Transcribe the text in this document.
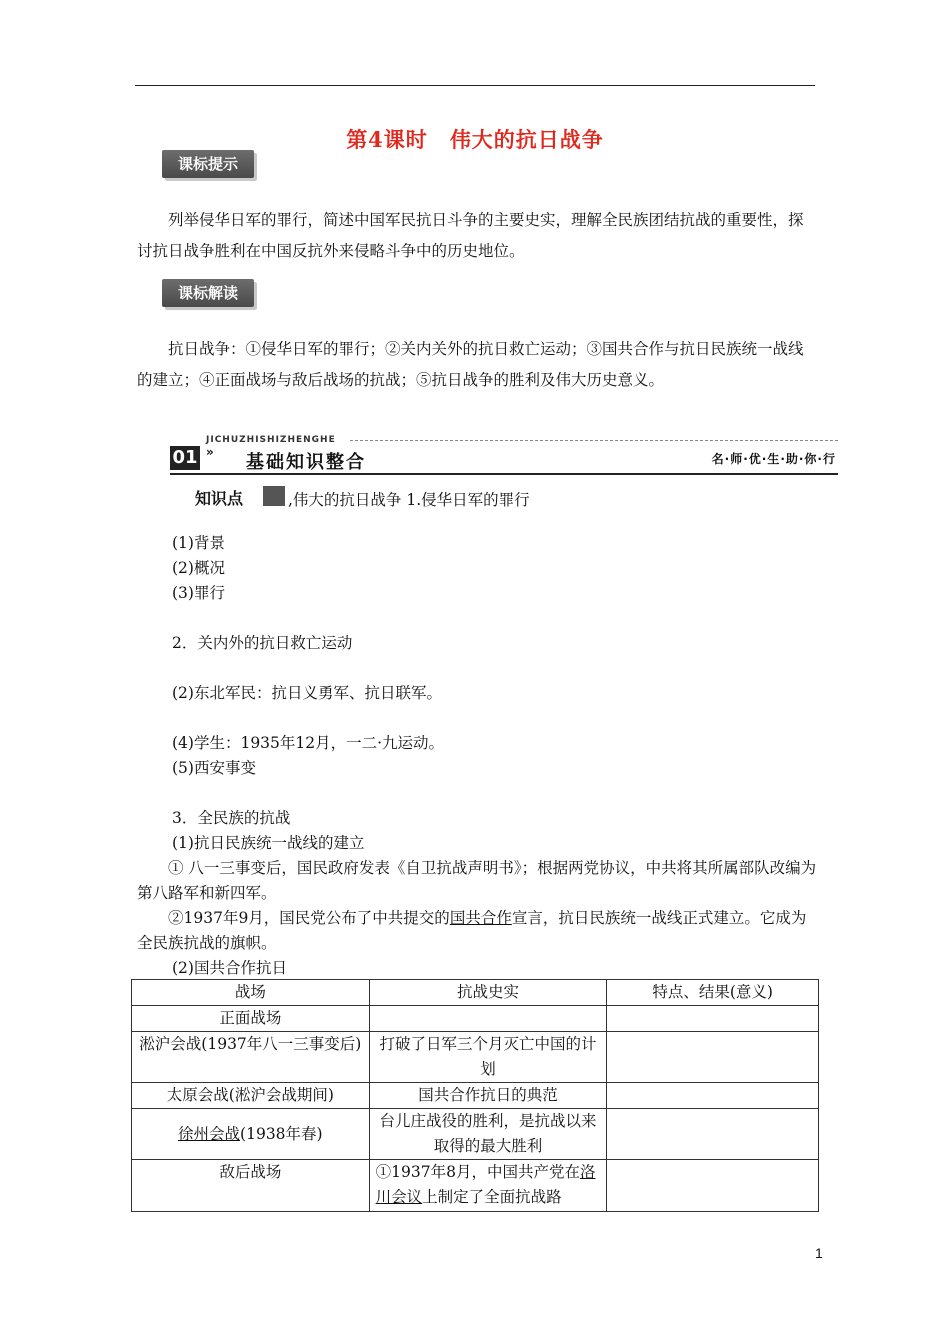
第4课时 伟大的抗日战争
课标提示
列举侵华日军的罪行，简述中国军民抗日斗争的主要史实，理解全民族团结抗战的重要性，探讨抗日战争胜利在中国反抗外来侵略斗争中的历史地位。
课标解读
抗日战争：①侵华日军的罪行；②关内关外的抗日救亡运动；③国共合作与抗日民族统一战线的建立；④正面战场与敌后战场的抗战；⑤抗日战争的胜利及伟大历史意义。
JICHUZHISHIZHENGHE
01 » 基础知识整合	名·师·优·生·助·你·行
知识点	,伟大的抗日战争 1.侵华日军的罪行
(1)背景
(2)概况
(3)罪行
2．关内外的抗日救亡运动
(2)东北军民：抗日义勇军、抗日联军。
(4)学生：1935年12月，一二·九运动。
(5)西安事变
3．全民族的抗战
(1)抗日民族统一战线的建立
① 八一三事变后，国民政府发表《自卫抗战声明书》；根据两党协议，中共将其所属部队改编为第八路军和新四军。
②1937年9月，国民党公布了中共提交的国共合作宣言，抗日民族统一战线正式建立。它成为全民族抗战的旗帜。
(2)国共合作抗日
战场	抗战史实	特点、结果(意义)
正面战场		
淞沪会战(1937年八一三事变后)	打破了日军三个月灭亡中国的计划	
太原会战(淞沪会战期间)	国共合作抗日的典范	
徐州会战(1938年春)	台儿庄战役的胜利，是抗战以来取得的最大胜利	
敌后战场	①1937年8月，中国共产党在洛川会议上制定了全面抗战路	
1
